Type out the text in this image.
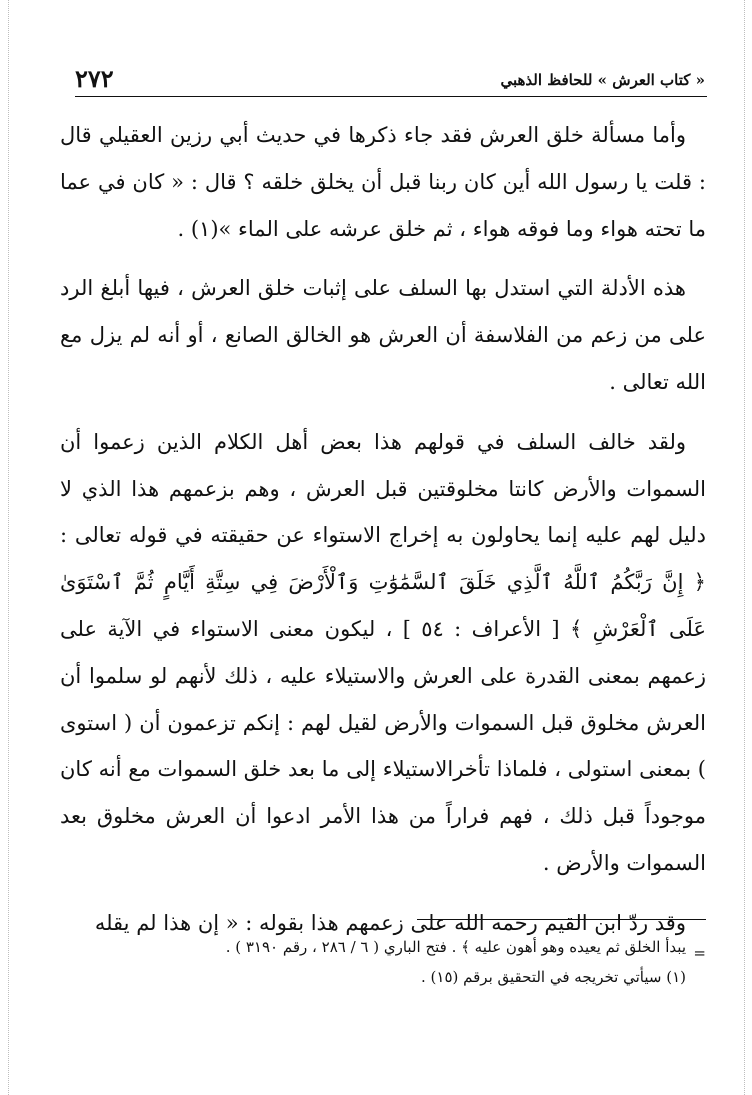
٢٧٢	« كتاب العرش » للحافظ الذهبي

وأما مسألة خلق العرش فقد جاء ذكرها في حديث أبي رزين العقيلي قال : قلت يا رسول الله أين كان ربنا قبل أن يخلق خلقه ؟ قال : « كان في عما ما تحته هواء وما فوقه هواء ، ثم خلق عرشه على الماء »(١) .

هذه الأدلة التي استدل بها السلف على إثبات خلق العرش ، فيها أبلغ الرد على من زعم من الفلاسفة أن العرش هو الخالق الصانع ، أو أنه لم يزل مع الله تعالى .

ولقد خالف السلف في قولهم هذا بعض أهل الكلام الذين زعموا أن السموات والأرض كانتا مخلوقتين قبل العرش ، وهم بزعمهم هذا الذي لا دليل لهم عليه إنما يحاولون به إخراج الاستواء عن حقيقته في قوله تعالى : ﴿ إِنَّ رَبَّكُمُ ٱللَّهُ ٱلَّذِي خَلَقَ ٱلسَّمَٰوَٰتِ وَٱلْأَرْضَ فِي سِتَّةِ أَيَّامٍ ثُمَّ ٱسْتَوَىٰ عَلَى ٱلْعَرْشِ ﴾ [ الأعراف : ٥٤ ] ، ليكون معنى الاستواء في الآية على زعمهم بمعنى القدرة على العرش والاستيلاء عليه ، ذلك لأنهم لو سلموا أن العرش مخلوق قبل السموات والأرض لقيل لهم : إنكم تزعمون أن ( استوى ) بمعنى استولى ، فلماذا تأخرالاستيلاء إلى ما بعد خلق السموات مع أنه كان موجوداً قبل ذلك ، فهم فراراً من هذا الأمر ادعوا أن العرش مخلوق بعد السموات والأرض .

وقد ردّ ابن القيم رحمه الله على زعمهم هذا بقوله : « إن هذا لم يقله

=
يبدأ الخلق ثم يعيده وهو أهون عليه ﴾ . فتح الباري ( ٦ / ٢٨٦ ، رقم ٣١٩٠ ) .

(١) سيأتي تخريجه في التحقيق برقم (١٥) .
